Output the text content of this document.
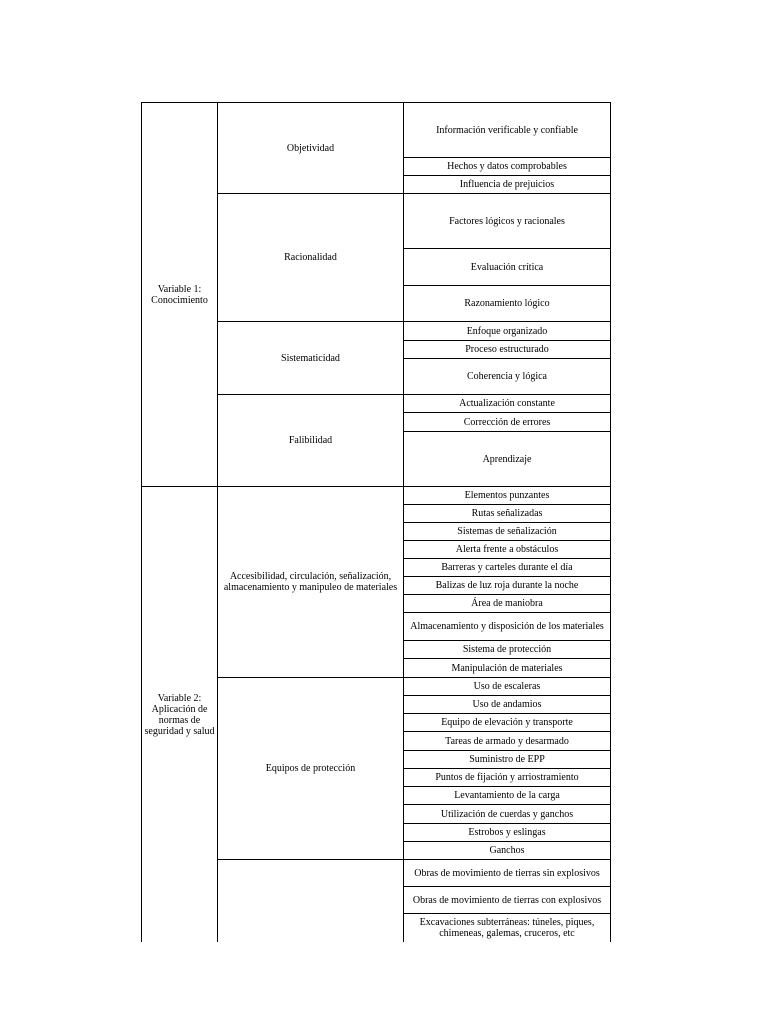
Variable 1:
Conocimiento
Variable 2:
Aplicación de
normas de
seguridad y salud
Objetividad
Racionalidad
Sistematicidad
Falibilidad
Accesibilidad, circulación, señalización,
almacenamiento y manipuleo de materiales
Equipos de protección
Información verificable y confiable
Hechos y datos comprobables
Influencia de prejuicios
Factores lógicos y racionales
Evaluación crítica
Razonamiento lógico
Enfoque organizado
Proceso estructurado
Coherencia y lógica
Actualización constante
Corrección de errores
Aprendizaje
Elementos punzantes
Rutas señalizadas
Sistemas de señalización
Alerta frente a obstáculos
Barreras y carteles durante el día
Balizas de luz roja durante la noche
Área de maniobra
Almacenamiento y disposición de los materiales
Sistema de protección
Manipulación de materiales
Uso de escaleras
Uso de andamios
Equipo de elevación y transporte
Tareas de armado y desarmado
Suministro de EPP
Puntos de fijación y arriostramiento
Levantamiento de la carga
Utilización de cuerdas y ganchos
Estrobos y eslingas
Ganchos
Obras de movimiento de tierras sin explosivos
Obras de movimiento de tierras con explosivos
Excavaciones subterráneas: túneles, piques,
chimeneas, galemas, cruceros, etc
